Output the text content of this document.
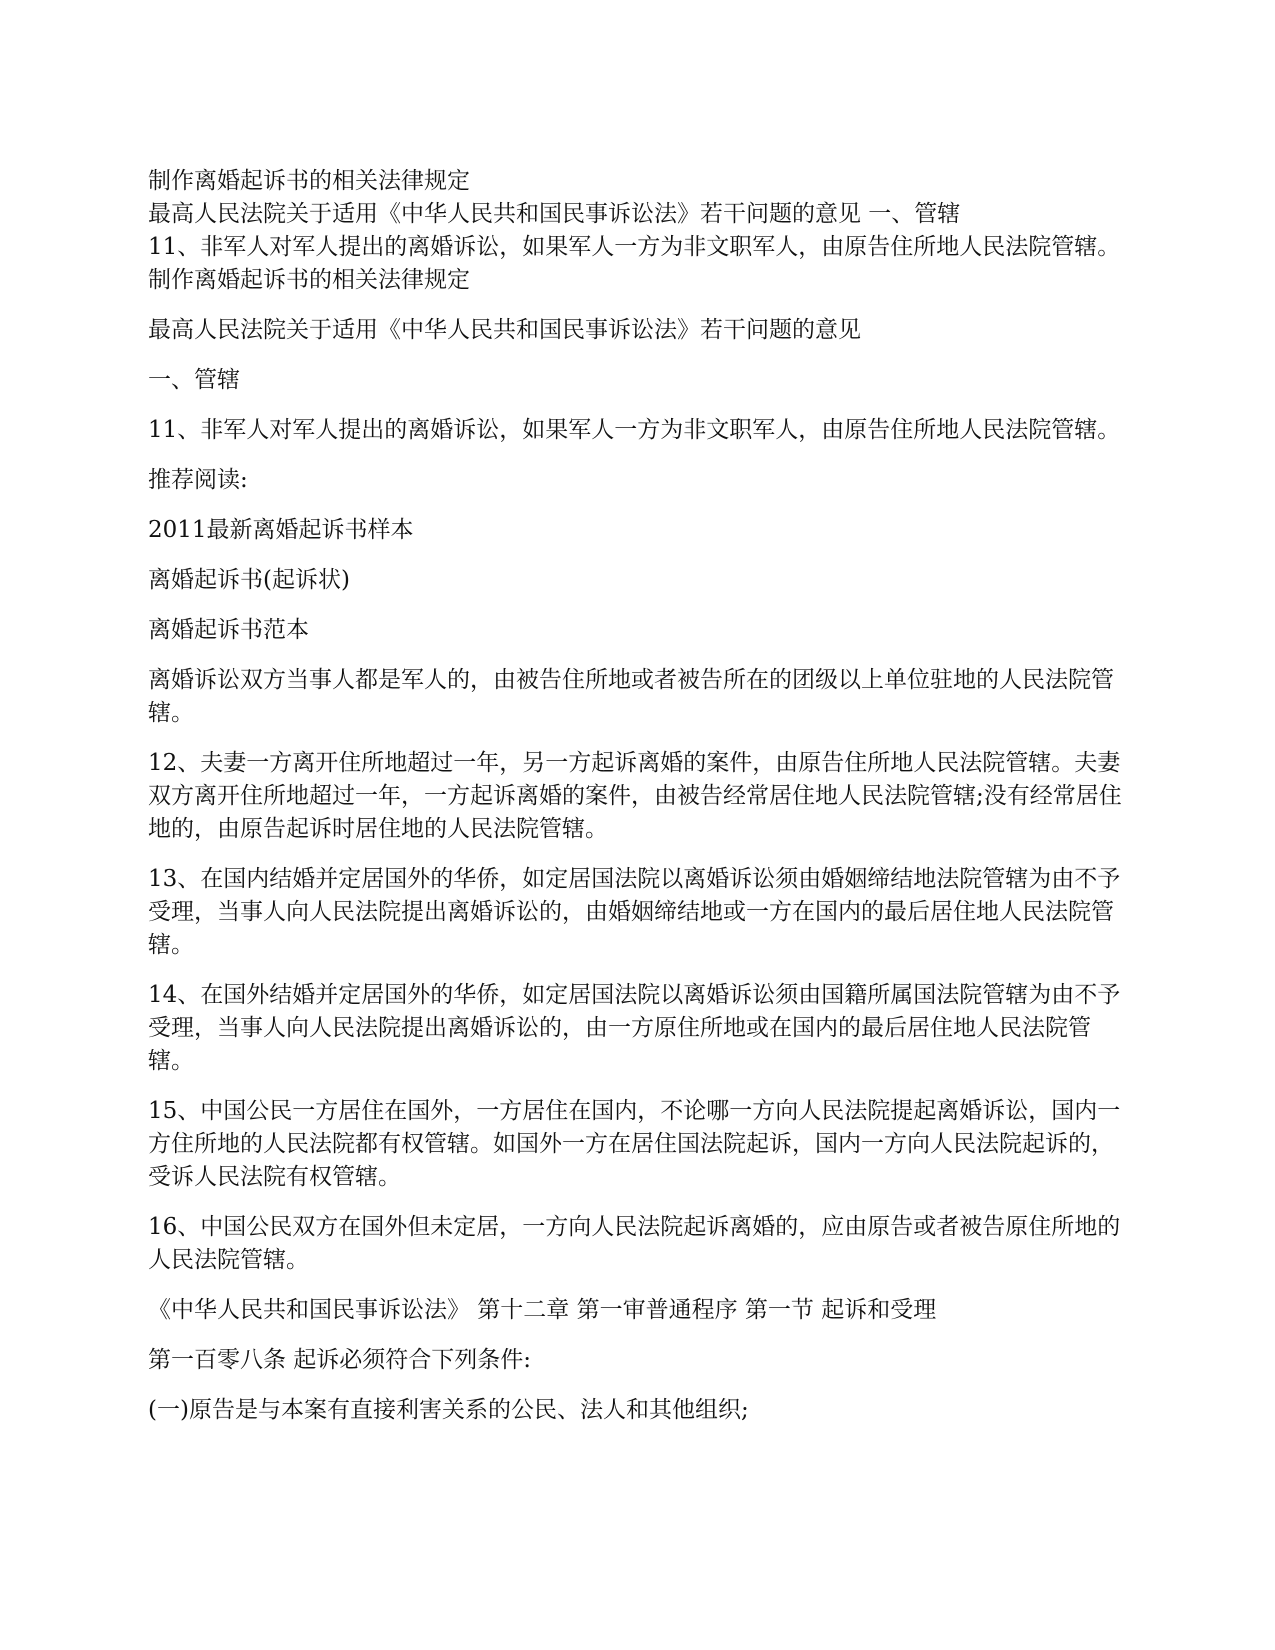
制作离婚起诉书的相关法律规定

最高人民法院关于适用《中华人民共和国民事诉讼法》若干问题的意见 一、管辖

11、非军人对军人提出的离婚诉讼，如果军人一方为非文职军人，由原告住所地人民法院管辖。 制作离婚起诉书的相关法律规定

最高人民法院关于适用《中华人民共和国民事诉讼法》若干问题的意见

一、管辖

11、非军人对军人提出的离婚诉讼，如果军人一方为非文职军人，由原告住所地人民法院管辖。

推荐阅读:

2011最新离婚起诉书样本

离婚起诉书(起诉状)

离婚起诉书范本

离婚诉讼双方当事人都是军人的，由被告住所地或者被告所在的团级以上单位驻地的人民法院管辖。

12、夫妻一方离开住所地超过一年，另一方起诉离婚的案件，由原告住所地人民法院管辖。夫妻双方离开住所地超过一年，一方起诉离婚的案件，由被告经常居住地人民法院管辖;没有经常居住地的，由原告起诉时居住地的人民法院管辖。

13、在国内结婚并定居国外的华侨，如定居国法院以离婚诉讼须由婚姻缔结地法院管辖为由不予受理，当事人向人民法院提出离婚诉讼的，由婚姻缔结地或一方在国内的最后居住地人民法院管辖。

14、在国外结婚并定居国外的华侨，如定居国法院以离婚诉讼须由国籍所属国法院管辖为由不予受理，当事人向人民法院提出离婚诉讼的，由一方原住所地或在国内的最后居住地人民法院管辖。

15、中国公民一方居住在国外，一方居住在国内，不论哪一方向人民法院提起离婚诉讼，国内一方住所地的人民法院都有权管辖。如国外一方在居住国法院起诉，国内一方向人民法院起诉的，受诉人民法院有权管辖。

16、中国公民双方在国外但未定居，一方向人民法院起诉离婚的，应由原告或者被告原住所地的人民法院管辖。

《中华人民共和国民事诉讼法》 第十二章 第一审普通程序 第一节 起诉和受理

第一百零八条 起诉必须符合下列条件:

(一)原告是与本案有直接利害关系的公民、法人和其他组织;
